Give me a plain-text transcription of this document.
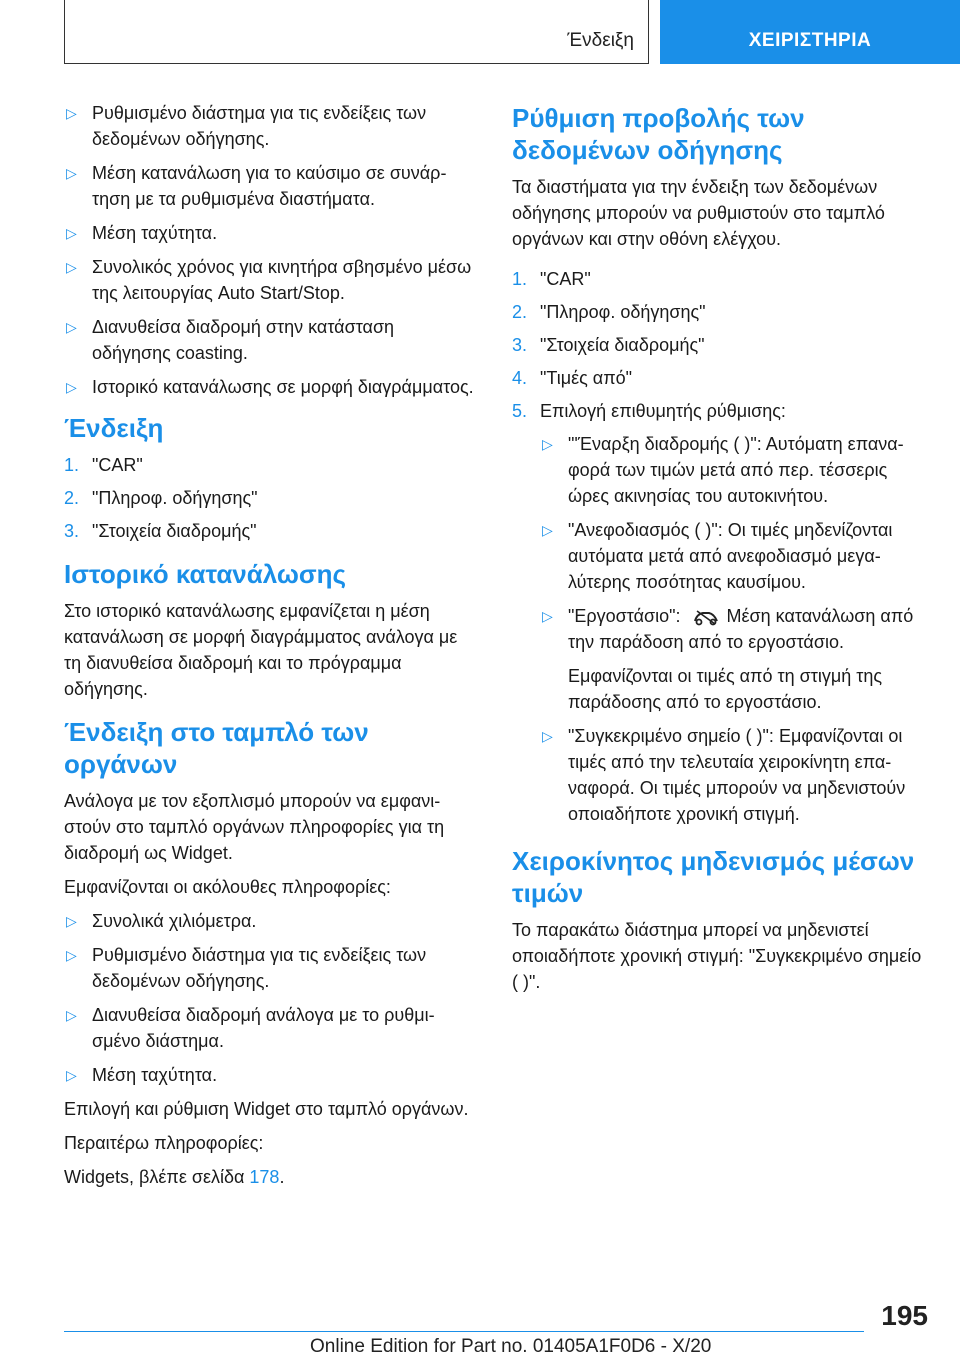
Ένδειξη	ΧΕΙΡΙΣΤΗΡΙΑ
▷ Ρυθμισμένο διάστημα για τις ενδείξεις των δεδομένων οδήγησης.
▷ Μέση κατανάλωση για το καύσιμο σε συνάρτηση με τα ρυθμισμένα διαστήματα.
▷ Μέση ταχύτητα.
▷ Συνολικός χρόνος για κινητήρα σβησμένο μέσω της λειτουργίας Auto Start/Stop.
▷ Διανυθείσα διαδρομή στην κατάσταση οδήγησης coasting.
▷ Ιστορικό κατανάλωσης σε μορφή διαγράμματος.
Ένδειξη
1. "CAR"
2. "Πληροφ. οδήγησης"
3. "Στοιχεία διαδρομής"
Ιστορικό κατανάλωσης

Στο ιστορικό κατανάλωσης εμφανίζεται η μέση κατανάλωση σε μορφή διαγράμματος ανάλογα με τη διανυθείσα διαδρομή και το πρόγραμμα οδήγησης.

Ένδειξη στο ταμπλό των οργάνων

Ανάλογα με τον εξοπλισμό μπορούν να εμφανιστούν στο ταμπλό οργάνων πληροφορίες για τη διαδρομή ως Widget.

Εμφανίζονται οι ακόλουθες πληροφορίες:

▷ Συνολικά χιλιόμετρα.
▷ Ρυθμισμένο διάστημα για τις ενδείξεις των δεδομένων οδήγησης.
▷ Διανυθείσα διαδρομή ανάλογα με το ρυθμισμένο διάστημα.
▷ Μέση ταχύτητα.

Επιλογή και ρύθμιση Widget στο ταμπλό οργάνων.

Περαιτέρω πληροφορίες:

Widgets, βλέπε σελίδα 178.

Ρύθμιση προβολής των δεδομένων οδήγησης

Τα διαστήματα για την ένδειξη των δεδομένων οδήγησης μπορούν να ρυθμιστούν στο ταμπλό οργάνων και στην οθόνη ελέγχου.

1. "CAR"
2. "Πληροφ. οδήγησης"
3. "Στοιχεία διαδρομής"
4. "Τιμές από"
5. Επιλογή επιθυμητής ρύθμισης:
▷ "'Έναρξη διαδρομής ( )": Αυτόματη επαναφορά των τιμών μετά από περ. τέσσερις ώρες ακινησίας του αυτοκινήτου.
▷ "Ανεφοδιασμός ( )": Οι τιμές μηδενίζονται αυτόματα μετά από ανεφοδιασμό μεγαλύτερης ποσότητας καυσίμου.
▷ "Εργοστάσιο":	Μέση κατανάλωση από την παράδοση από το εργοστάσιο.
Εμφανίζονται οι τιμές από τη στιγμή της παράδοσης από το εργοστάσιο.
▷ "Συγκεκριμένο σημείο ( )": Εμφανίζονται οι τιμές από την τελευταία χειροκίνητη επαναφορά. Οι τιμές μπορούν να μηδενιστούν οποιαδήποτε χρονική στιγμή.
Χειροκίνητος μηδενισμός μέσων τιμών

Το παρακάτω διάστημα μπορεί να μηδενιστεί οποιαδήποτε χρονική στιγμή: "Συγκεκριμένο σημείο ( )".

195
Online Edition for Part no. 01405A1F0D6 - X/20
